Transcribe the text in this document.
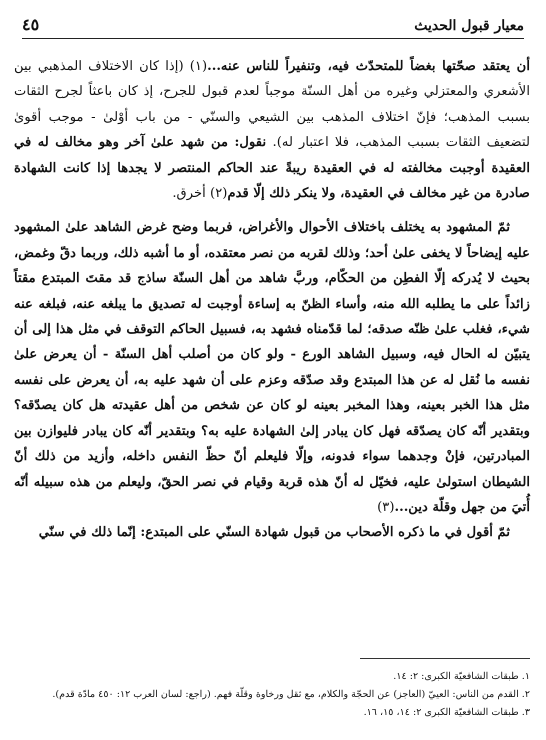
٤٥	معيار قبول الحديث

أن يعتقد صحّتها بغضاً للمتحدّث فيه، وتنفيراً للناس عنه...(١) (إذا كان الاختلاف المذهبي بين الأشعري والمعتزلي وغيره من أهل السنّة موجباً لعدم قبول للجرح، إذ كان باعثاً لجرح الثقات بسبب المذهب؛ فإنّ اختلاف المذهب بين الشيعي والسنّي - من باب أوْلىٰ - موجب أقوىٰ لتضعيف الثقات بسبب المذهب، فلا اعتبار له). نقول: من شهد علىٰ آخر وهو مخالف له في العقيدة أوجبت مخالفته له في العقيدة ريبةً عند الحاكم المنتصر لا يجدها إذا كانت الشهادة صادرة من غير مخالف في العقيدة، ولا ينكر ذلك إلّا قدم(٢) أخرق.

ثمّ المشهود به يختلف باختلاف الأحوال والأغراض، فربما وضح غرض الشاهد علىٰ المشهود عليه إيضاحاً لا يخفى علىٰ أحد؛ وذلك لقربه من نصر معتقده، أو ما أشبه ذلك، وربما دقّ وغمض، بحيث لا يُدركه إلّا الفطِن من الحكّام، وربَّ شاهد من أهل السنّة ساذج قد مقتَ المبتدع مقتاً زائداً على ما يطلبه الله منه، وأساء الظنّ به إساءة أوجبت له تصديق ما يبلغه عنه، فبلغه عنه شيء، فغلب علىٰ ظنّه صدقه؛ لما قدّمناه فشهد به، فسبيل الحاكم التوقف في مثل هذا إلى أن يتبيّن له الحال فيه، وسبيل الشاهد الورع - ولو كان من أصلب أهل السنّة - أن يعرض علىٰ نفسه ما نُقل له عن هذا المبتدع وقد صدّقه وعزم على أن شهد عليه به، أن يعرض على نفسه مثل هذا الخبر بعينه، وهذا المخبر بعينه لو كان عن شخص من أهل عقيدته هل كان يصدّقه؟ وبتقدير أنّه كان يصدّقه فهل كان يبادر إلىٰ الشهادة عليه به؟ وبتقدير أنّه كان يبادر فليوازن بين المبادرتين، فإنْ وجدهما سواء فدونه، وإلّا فليعلم أنّ حظّ النفس داخله، وأزيد من ذلك أنّ الشيطان استولىٰ عليه، فخيّل له أنّ هذه قربة وقيام في نصر الحقّ، وليعلم من هذه سبيله أنّه أُتيَ من جهل وقلّة دين...(٣)

ثمّ أقول في ما ذكره الأصحاب من قبول شهادة السنّي على المبتدع: إنّما ذلك في سنّي

١. طبقات الشافعيّة الكبرى: ٢: ١٤.
٢. القدم من الناس: العييّ (العاجز) عن الحجّة والكلام، مع ثقل ورخاوة وقلّة فهم. (راجع: لسان العرب ١٢: ٤٥٠ مادّة قدم).
٣. طبقات الشافعيّة الكبرى ٢: ١٤، ١٥، ١٦.
